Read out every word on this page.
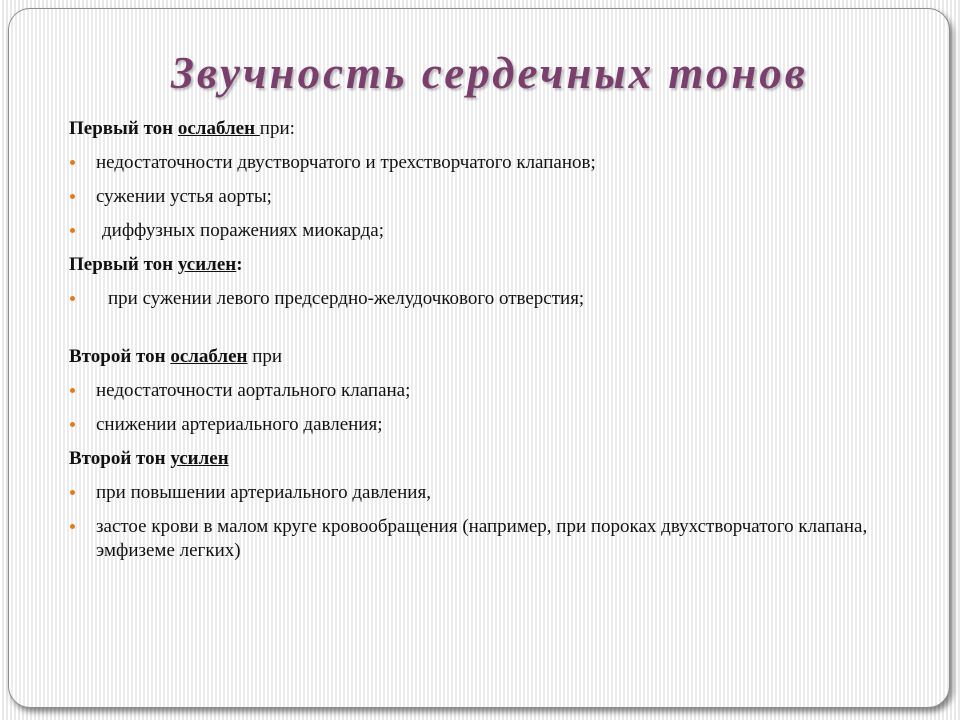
Звучность сердечных тонов
Первый тон ослаблен при:
недостаточности двустворчатого и трехстворчатого клапанов;
сужении устья аорты;
диффузных поражениях миокарда;
Первый тон усилен:
при сужении левого предсердно-желудочкового отверстия;
Второй тон ослаблен при
недостаточности аортального клапана;
снижении артериального давления;
Второй тон усилен
при повышении артериального давления,
застое крови в малом круге кровообращения (например, при пороках двухстворчатого клапана, эмфиземе легких)
